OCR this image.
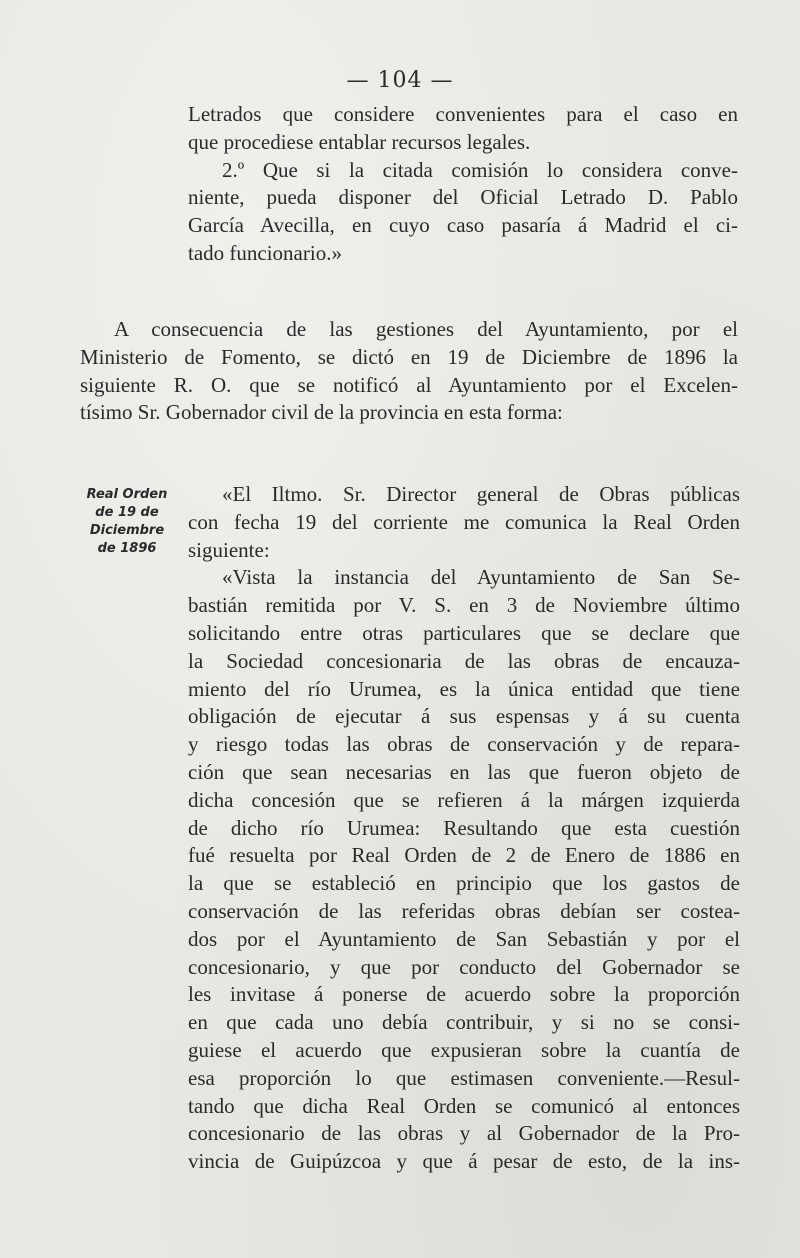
— 104 —
Letrados que considere convenientes para el caso en
que procediese entablar recursos legales.
2.º Que si la citada comisión lo considera conve-
niente, pueda disponer del Oficial Letrado D. Pablo
García Avecilla, en cuyo caso pasaría á Madrid el ci-
tado funcionario.»
A consecuencia de las gestiones del Ayuntamiento, por el
Ministerio de Fomento, se dictó en 19 de Diciembre de 1896 la
siguiente R. O. que se notificó al Ayuntamiento por el Excelen-
tísimo Sr. Gobernador civil de la provincia en esta forma:
Real Orden
de 19 de
Diciembre
de 1896
«El Iltmo. Sr. Director general de Obras públicas
con fecha 19 del corriente me comunica la Real Orden
siguiente:
«Vista la instancia del Ayuntamiento de San Se-
bastián remitida por V. S. en 3 de Noviembre último
solicitando entre otras particulares que se declare que
la Sociedad concesionaria de las obras de encauza-
miento del río Urumea, es la única entidad que tiene
obligación de ejecutar á sus espensas y á su cuenta
y riesgo todas las obras de conservación y de repara-
ción que sean necesarias en las que fueron objeto de
dicha concesión que se refieren á la márgen izquierda
de dicho río Urumea: Resultando que esta cuestión
fué resuelta por Real Orden de 2 de Enero de 1886 en
la que se estableció en principio que los gastos de
conservación de las referidas obras debían ser costea-
dos por el Ayuntamiento de San Sebastián y por el
concesionario, y que por conducto del Gobernador se
les invitase á ponerse de acuerdo sobre la proporción
en que cada uno debía contribuir, y si no se consi-
guiese el acuerdo que expusieran sobre la cuantía de
esa proporción lo que estimasen conveniente.—Resul-
tando que dicha Real Orden se comunicó al entonces
concesionario de las obras y al Gobernador de la Pro-
vincia de Guipúzcoa y que á pesar de esto, de la ins-
